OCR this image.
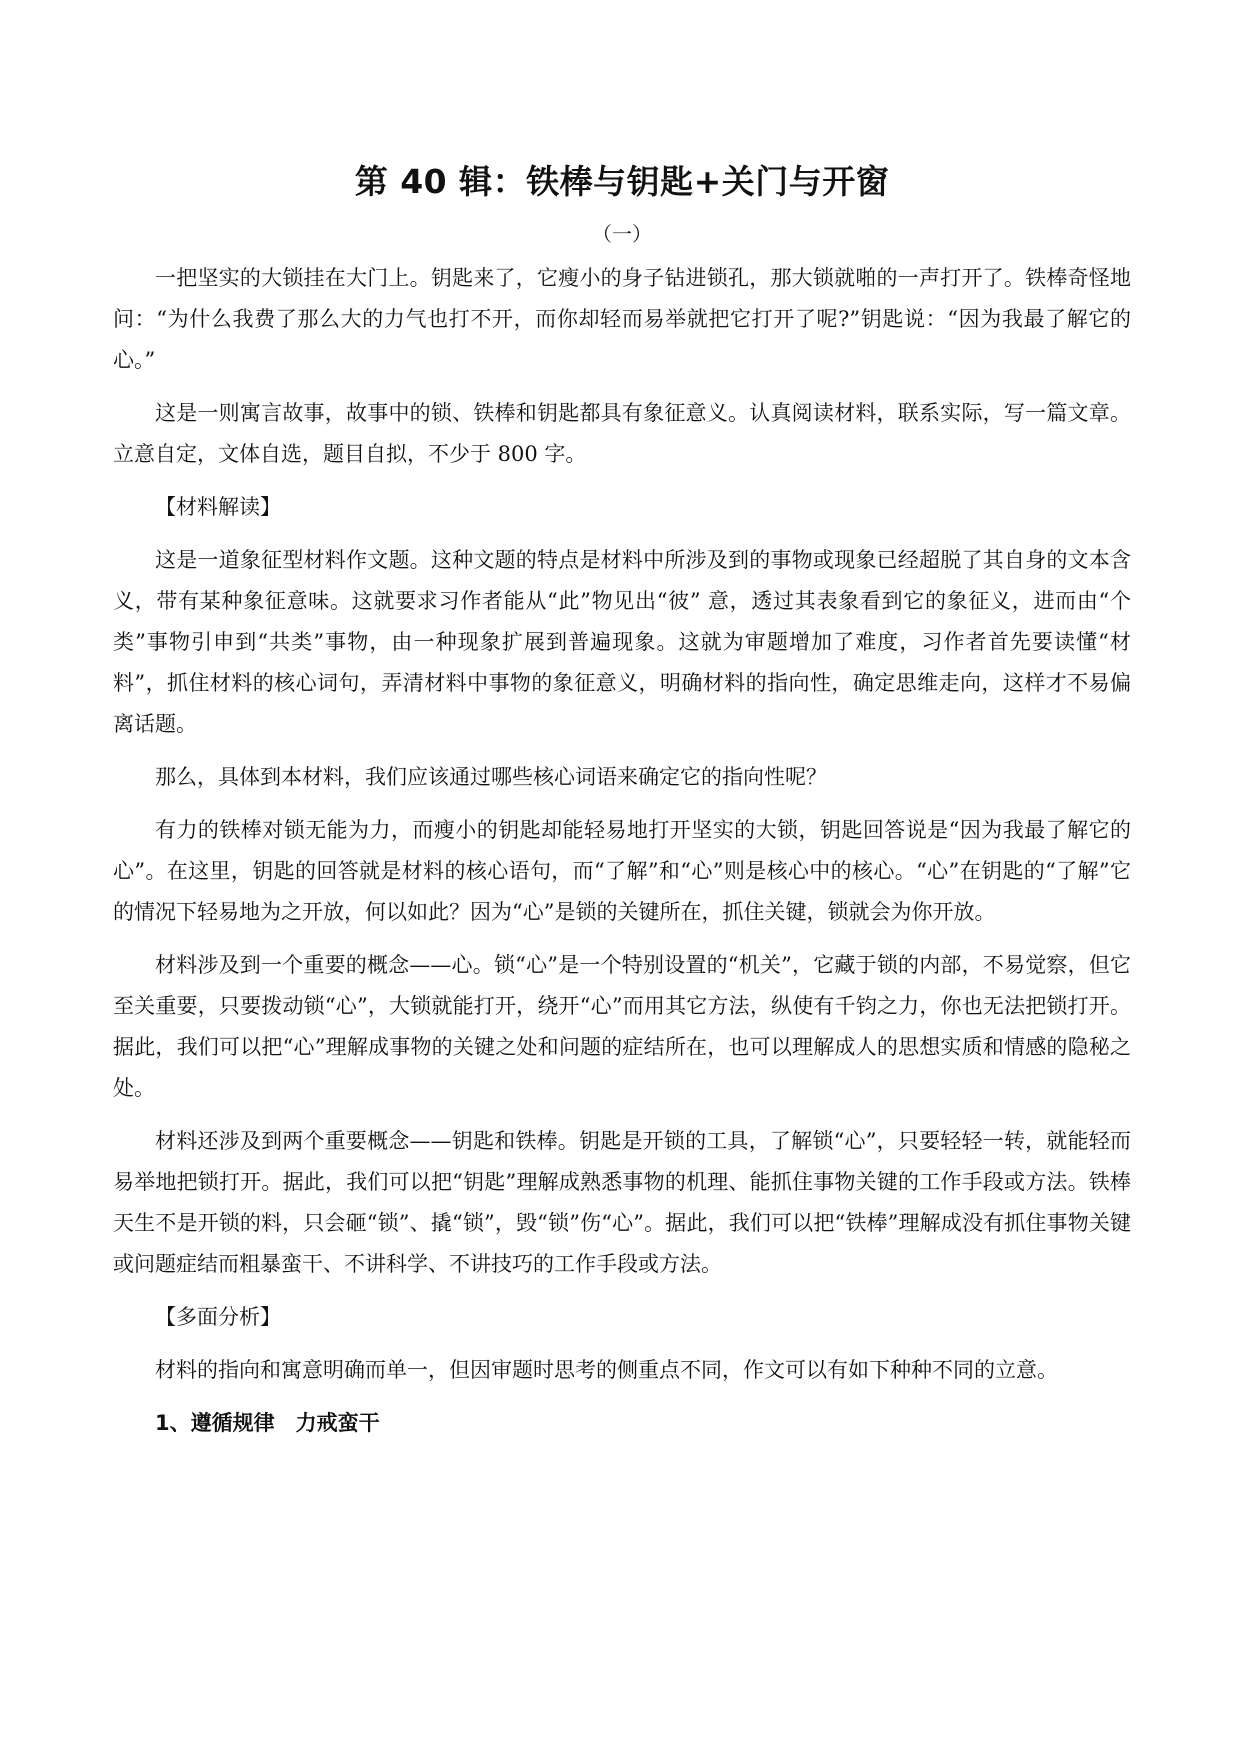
第 40 辑：铁棒与钥匙+关门与开窗
（一）

一把坚实的大锁挂在大门上。钥匙来了，它瘦小的身子钻进锁孔，那大锁就啪的一声打开了。铁棒奇怪地问：“为什么我费了那么大的力气也打不开，而你却轻而易举就把它打开了呢?”钥匙说：“因为我最了解它的心。”

这是一则寓言故事，故事中的锁、铁棒和钥匙都具有象征意义。认真阅读材料，联系实际，写一篇文章。立意自定，文体自选，题目自拟，不少于 800 字。

【材料解读】

这是一道象征型材料作文题。这种文题的特点是材料中所涉及到的事物或现象已经超脱了其自身的文本含义，带有某种象征意味。这就要求习作者能从“此”物见出“彼” 意，透过其表象看到它的象征义，进而由“个类”事物引申到“共类”事物，由一种现象扩展到普遍现象。这就为审题增加了难度，习作者首先要读懂“材料”，抓住材料的核心词句，弄清材料中事物的象征意义，明确材料的指向性，确定思维走向，这样才不易偏离话题。

那么，具体到本材料，我们应该通过哪些核心词语来确定它的指向性呢？

有力的铁棒对锁无能为力，而瘦小的钥匙却能轻易地打开坚实的大锁，钥匙回答说是“因为我最了解它的心”。在这里，钥匙的回答就是材料的核心语句，而“了解”和“心”则是核心中的核心。“心”在钥匙的“了解”它的情况下轻易地为之开放，何以如此？因为“心”是锁的关键所在，抓住关键，锁就会为你开放。

材料涉及到一个重要的概念——心。锁“心”是一个特别设置的“机关”，它藏于锁的内部，不易觉察，但它至关重要，只要拨动锁“心”，大锁就能打开，绕开“心”而用其它方法，纵使有千钧之力，你也无法把锁打开。据此，我们可以把“心”理解成事物的关键之处和问题的症结所在，也可以理解成人的思想实质和情感的隐秘之处。

材料还涉及到两个重要概念——钥匙和铁棒。钥匙是开锁的工具，了解锁“心”，只要轻轻一转，就能轻而易举地把锁打开。据此，我们可以把“钥匙”理解成熟悉事物的机理、能抓住事物关键的工作手段或方法。铁棒天生不是开锁的料，只会砸“锁”、撬“锁”，毁“锁”伤“心”。据此，我们可以把“铁棒”理解成没有抓住事物关键或问题症结而粗暴蛮干、不讲科学、不讲技巧的工作手段或方法。

【多面分析】

材料的指向和寓意明确而单一，但因审题时思考的侧重点不同，作文可以有如下种种不同的立意。

1、遵循规律　力戒蛮干
